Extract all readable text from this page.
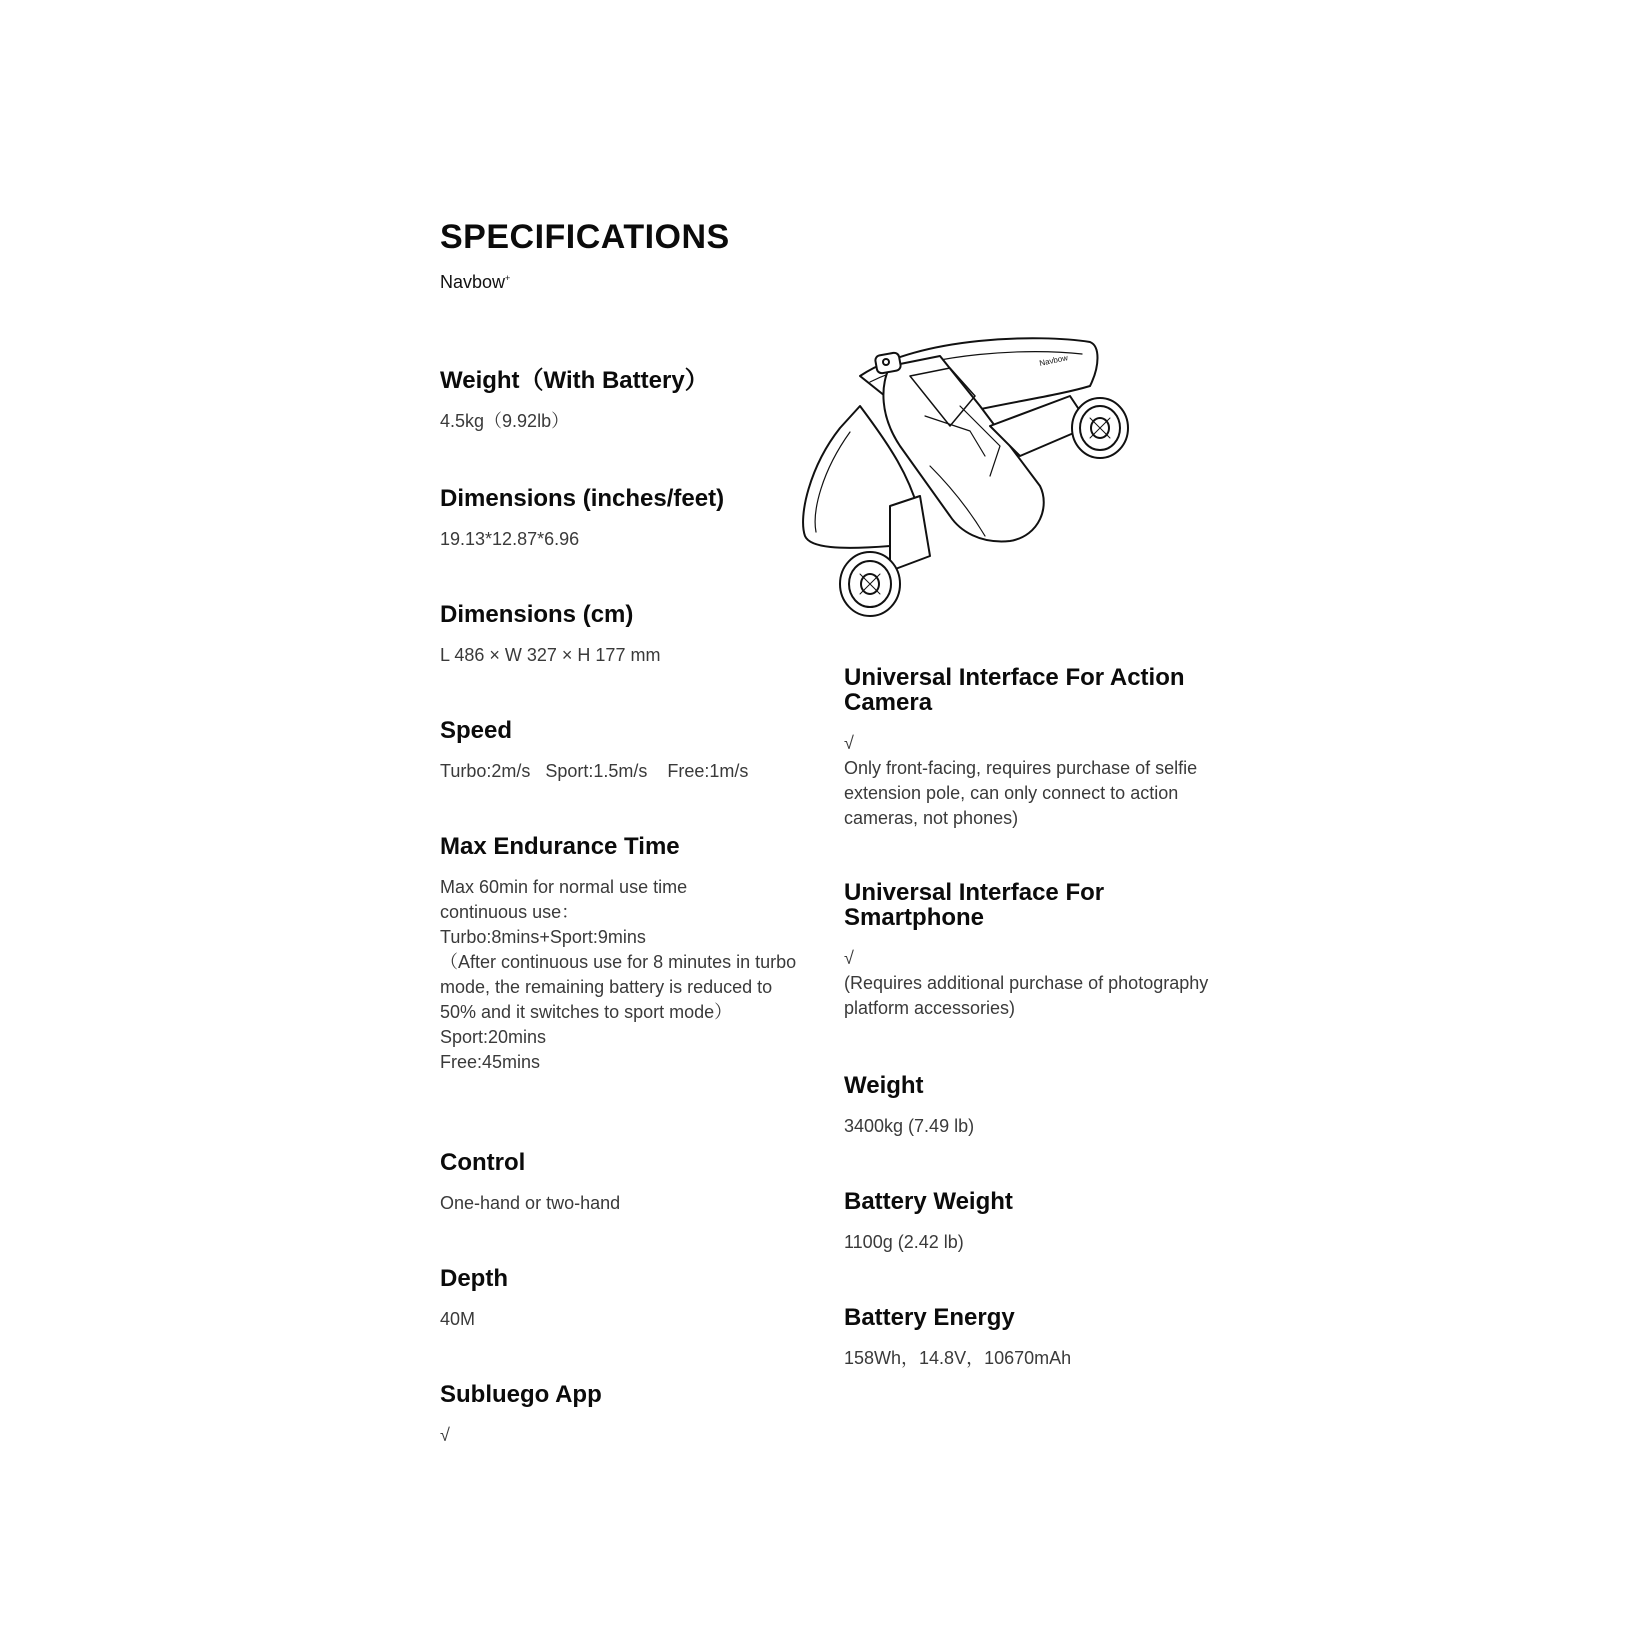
SPECIFICATIONS
Navbow+
Weight（With Battery）
4.5kg（9.92lb）
Dimensions (inches/feet)
19.13*12.87*6.96
Dimensions (cm)
L 486 × W 327 × H 177 mm
Speed
Turbo:2m/s   Sport:1.5m/s    Free:1m/s
Max Endurance Time
Max 60min for normal use time
continuous use：
Turbo:8mins+Sport:9mins
（After continuous use for 8 minutes in turbo mode, the remaining battery is reduced to 50% and it switches to sport mode）
Sport:20mins
Free:45mins
Control
One-hand or two-hand
Depth
40M
Subluego App
√
Navbow
Universal Interface For Action Camera
√
Only front-facing, requires purchase of selfie extension pole, can only connect to action cameras, not phones)
Universal Interface For Smartphone
√
(Requires additional purchase of photography platform accessories)
Weight
3400kg (7.49 lb)
Battery Weight
1100g (2.42 lb)
Battery Energy
158Wh，14.8V，10670mAh
